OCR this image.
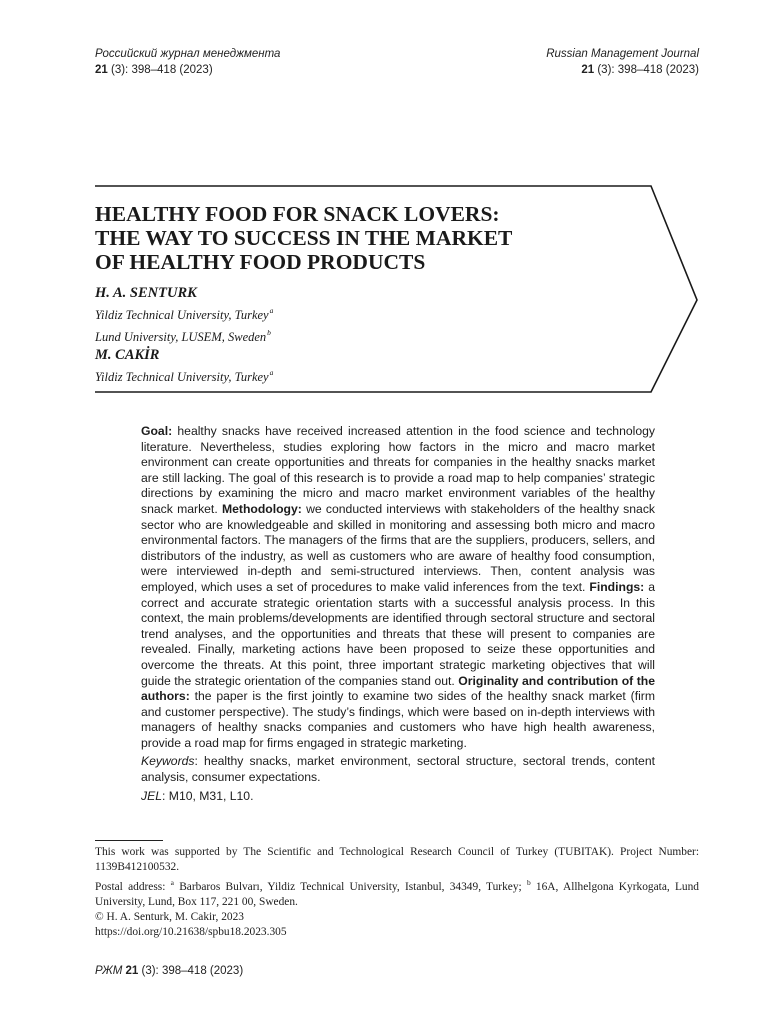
Российский журнал менеджмента
21 (3): 398–418 (2023)
Russian Management Journal
21 (3): 398–418 (2023)
HEALTHY FOOD FOR SNACK LOVERS:
THE WAY TO SUCCESS IN THE MARKET
OF HEALTHY FOOD PRODUCTS
H. A. SENTURK
Yildiz Technical University, Turkey$^a$
Lund University, LUSEM, Sweden$^b$
M. CAKİR
Yildiz Technical University, Turkey$^a$

Goal: healthy snacks have received increased attention in the food science and technology literature. Nevertheless, studies exploring how factors in the micro and macro market environment can create opportunities and threats for companies in the healthy snacks market are still lacking. The goal of this research is to provide a road map to help companies’ strategic directions by examining the micro and macro market environment variables of the healthy snack market. Methodology: we conducted interviews with stakeholders of the healthy snack sector who are knowledgeable and skilled in monitoring and assessing both micro and macro environmental factors. The managers of the firms that are the suppliers, producers, sellers, and distributors of the industry, as well as customers who are aware of healthy food consumption, were interviewed in-depth and semi-structured interviews. Then, content analysis was employed, which uses a set of procedures to make valid inferences from the text. Findings: a correct and accurate strategic orientation starts with a successful analysis process. In this context, the main problems/developments are identified through sectoral structure and sectoral trend analyses, and the opportunities and threats that these will present to companies are revealed. Finally, marketing actions have been proposed to seize these opportunities and overcome the threats. At this point, three important strategic marketing objectives that will guide the strategic orientation of the companies stand out. Originality and contribution of the authors: the paper is the first jointly to examine two sides of the healthy snack market (firm and customer perspective). The study’s findings, which were based on in-depth interviews with managers of healthy snacks companies and customers who have high health awareness, provide a road map for firms engaged in strategic marketing.

Keywords: healthy snacks, market environment, sectoral structure, sectoral trends, content analysis, consumer expectations.

JEL: M10, M31, L10.

This work was supported by The Scientific and Technological Research Council of Turkey (TUBITAK). Project Number: 1139B412100532.

Postal address: $^a$ Barbaros Bulvarı, Yildiz Technical University, Istanbul, 34349, Turkey; $^b$ 16A, Allhelgona Kyrkogata, Lund University, Lund, Box 117, 221 00, Sweden.

© H. A. Senturk, M. Cakir, 2023

https://doi.org/10.21638/spbu18.2023.305

РЖМ 21 (3): 398–418 (2023)
